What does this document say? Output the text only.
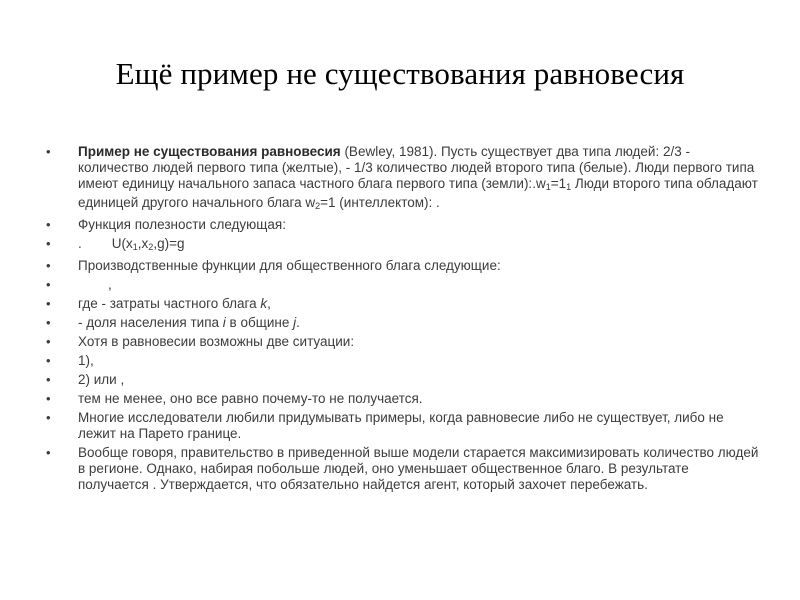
Ещё пример не существования равновесия
•	Пример не существования равновесия (Bewley, 1981). Пусть существует два типа людей: 2/3 - количество людей первого типа (желтые), - 1/3 количество людей второго типа (белые). Люди первого типа имеют единицу начального запаса частного блага первого типа $(земли):.w_1=1_1$ Люди второго типа обладают единицей другого начального блага $w_2=1$ (интеллектом): .
•	Функция полезности следующая:
•	. $U(x_1,x_2,g)=g$
•	Производственные функции для общественного блага следующие:
•	,
•	где - затраты частного блага k,
•	- доля населения типа i в общине j.
•	Хотя в равновесии возможны две ситуации:
•	1),
•	2) или ,
•	тем не менее, оно все равно почему-то не получается.
•	Многие исследователи любили придумывать примеры, когда равновесие либо не существует, либо не лежит на Парето границе.
•	Вообще говоря, правительство в приведенной выше модели старается максимизировать количество людей в регионе. Однако, набирая побольше людей, оно уменьшает общественное благо. В результате получается . Утверждается, что обязательно найдется агент, который захочет перебежать.
